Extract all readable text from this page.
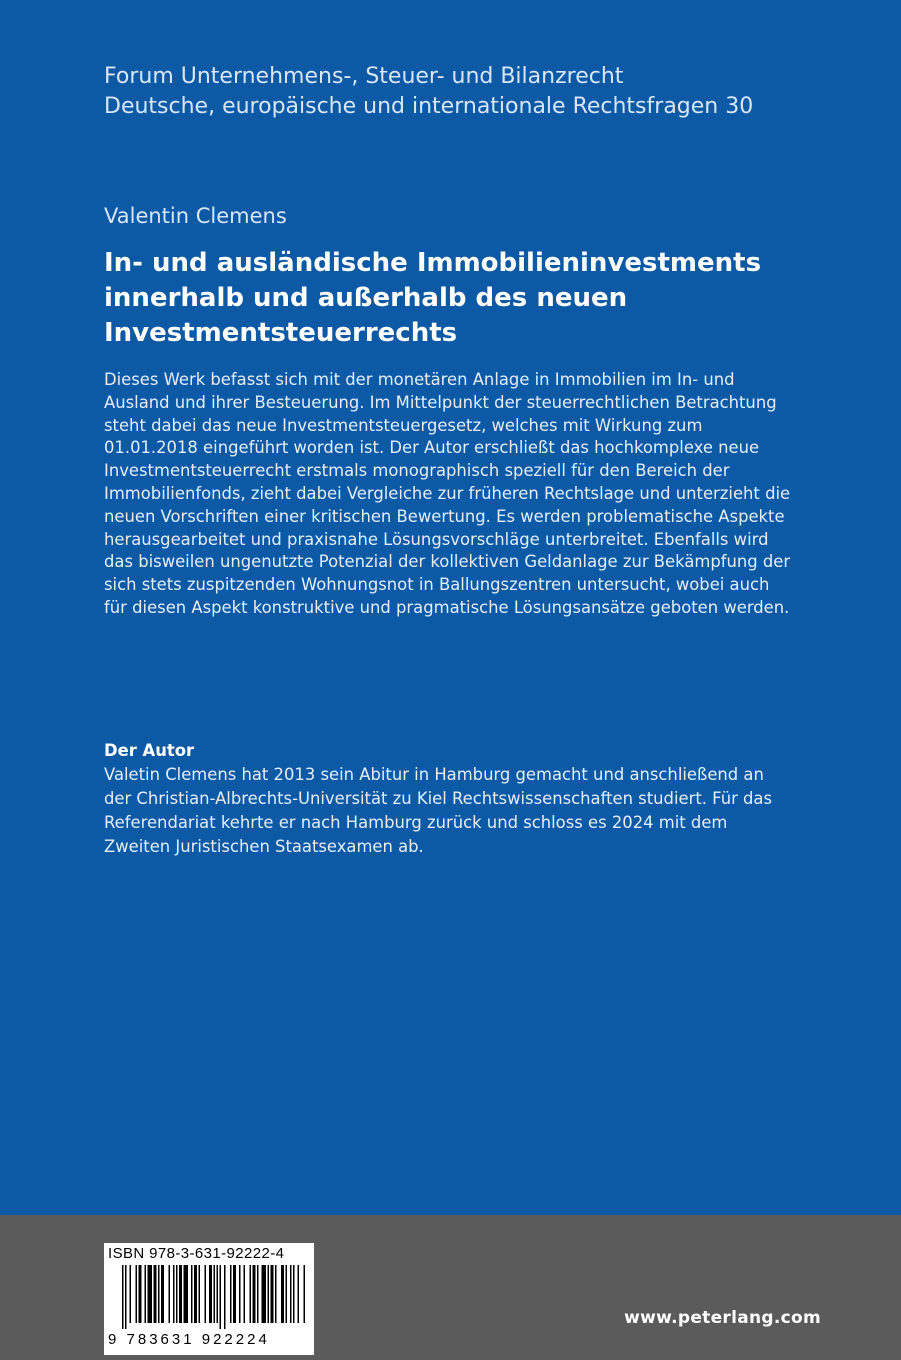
Forum Unternehmens-, Steuer- und Bilanzrecht
Deutsche, europäische und internationale Rechtsfragen 30
Valentin Clemens
In- und ausländische Immobilieninvestments
innerhalb und außerhalb des neuen
Investmentsteuerrechts

Dieses Werk befasst sich mit der monetären Anlage in Immobilien im In- und Ausland und ihrer Besteuerung. Im Mittelpunkt der steuerrechtlichen Betrachtung steht dabei das neue Investmentsteuergesetz, welches mit Wirkung zum 01.01.2018 eingeführt worden ist. Der Autor erschließt das hochkomplexe neue Investmentsteuerrecht erstmals monographisch speziell für den Bereich der Immobilienfonds, zieht dabei Vergleiche zur früheren Rechtslage und unterzieht die neuen Vorschriften einer kritischen Bewertung. Es werden problematische Aspekte herausgearbeitet und praxisnahe Lösungsvorschläge unterbreitet. Ebenfalls wird das bisweilen ungenutzte Potenzial der kollektiven Geldanlage zur Bekämpfung der sich stets zuspitzenden Wohnungsnot in Ballungszentren untersucht, wobei auch für diesen Aspekt konstruktive und pragmatische Lösungsansätze geboten werden.

Der Autor

Valetin Clemens hat 2013 sein Abitur in Hamburg gemacht und anschließend an der Christian-Albrechts-Universität zu Kiel Rechtswissenschaften studiert. Für das Referendariat kehrte er nach Hamburg zurück und schloss es 2024 mit dem Zweiten Juristischen Staatsexamen ab.

ISBN 978-3-631-92222-4
9 783631 922224
www.peterlang.com
